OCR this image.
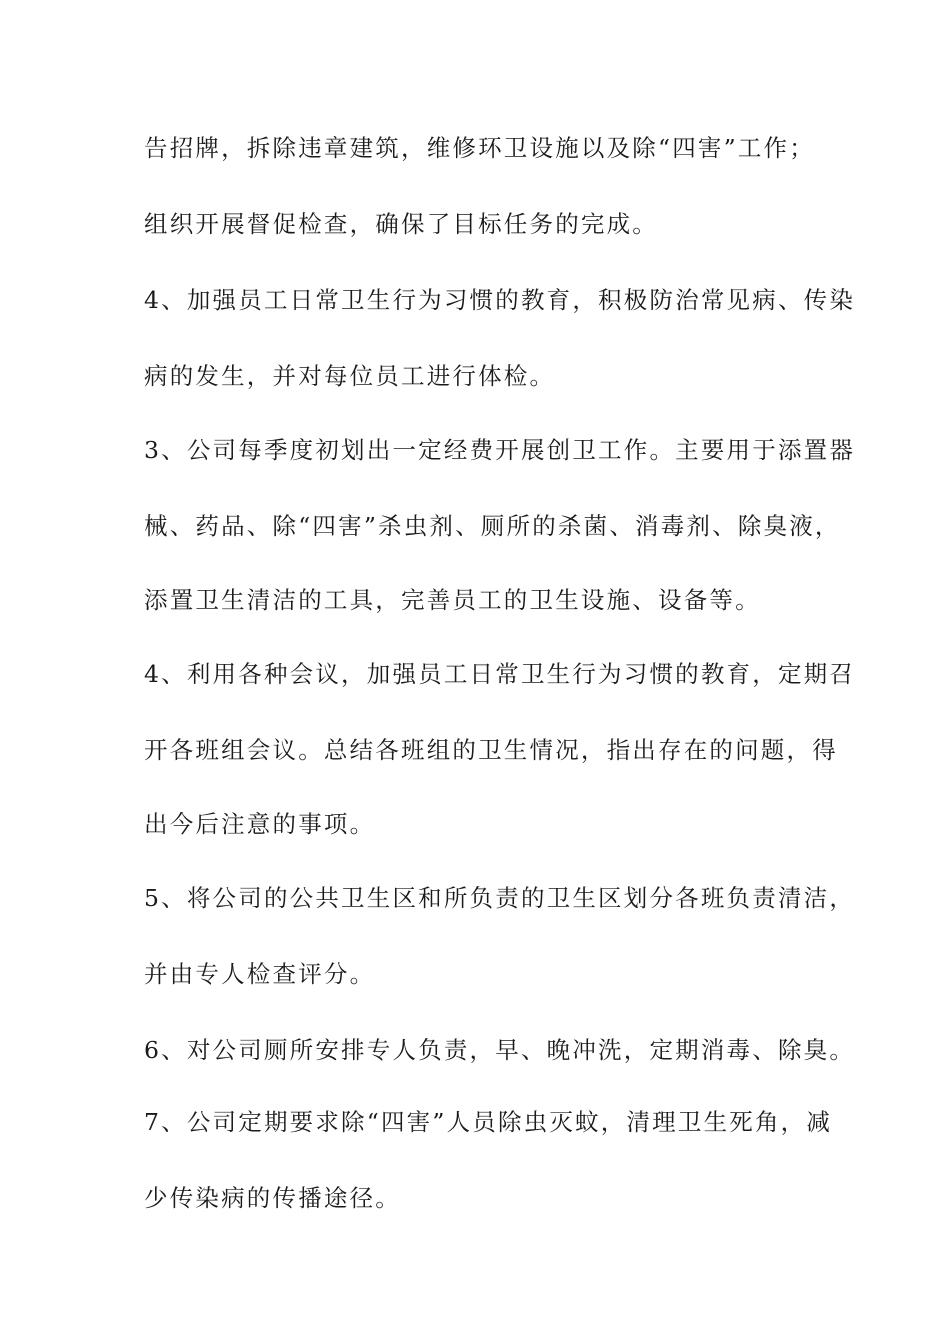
告招牌，拆除违章建筑，维修环卫设施以及除“四害”工作；
组织开展督促检查，确保了目标任务的完成。
4、加强员工日常卫生行为习惯的教育，积极防治常见病、传染
病的发生，并对每位员工进行体检。
3、公司每季度初划出一定经费开展创卫工作。主要用于添置器
械、药品、除“四害”杀虫剂、厕所的杀菌、消毒剂、除臭液，
添置卫生清洁的工具，完善员工的卫生设施、设备等。
4、利用各种会议，加强员工日常卫生行为习惯的教育，定期召
开各班组会议。总结各班组的卫生情况，指出存在的问题，得
出今后注意的事项。
5、将公司的公共卫生区和所负责的卫生区划分各班负责清洁，
并由专人检查评分。
6、对公司厕所安排专人负责，早、晚冲洗，定期消毒、除臭。
7、公司定期要求除“四害”人员除虫灭蚊，清理卫生死角，减
少传染病的传播途径。
